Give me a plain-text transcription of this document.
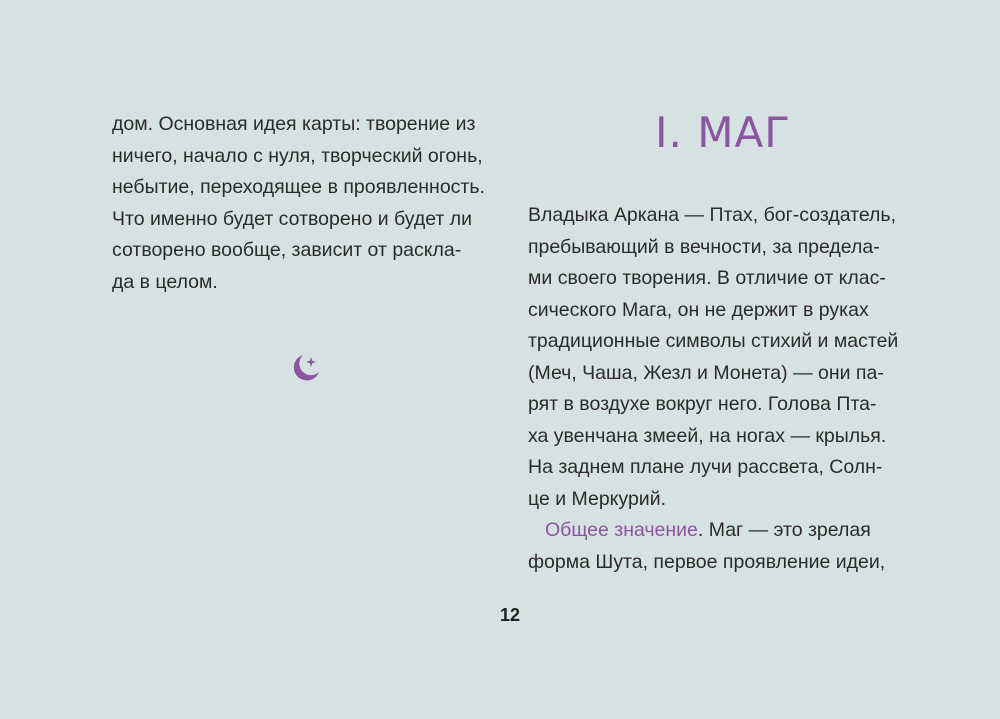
дом. Основная идея карты: творение из
ничего, начало с нуля, творческий огонь,
небытие, переходящее в проявленность.
Что именно будет сотворено и будет ли
сотворено вообще, зависит от раскла-
да в целом.
I. МАГ
Владыка Аркана — Птах, бог-создатель,
пребывающий в вечности, за предела-
ми своего творения. В отличие от клас-
сического Мага, он не держит в руках
традиционные символы стихий и мастей
(Меч, Чаша, Жезл и Монета) — они па-
рят в воздухе вокруг него. Голова Пта-
ха увенчана змеей, на ногах — крылья.
На заднем плане лучи рассвета, Солн-
це и Меркурий.
Общее значение. Маг — это зрелая
форма Шута, первое проявление идеи,
12
